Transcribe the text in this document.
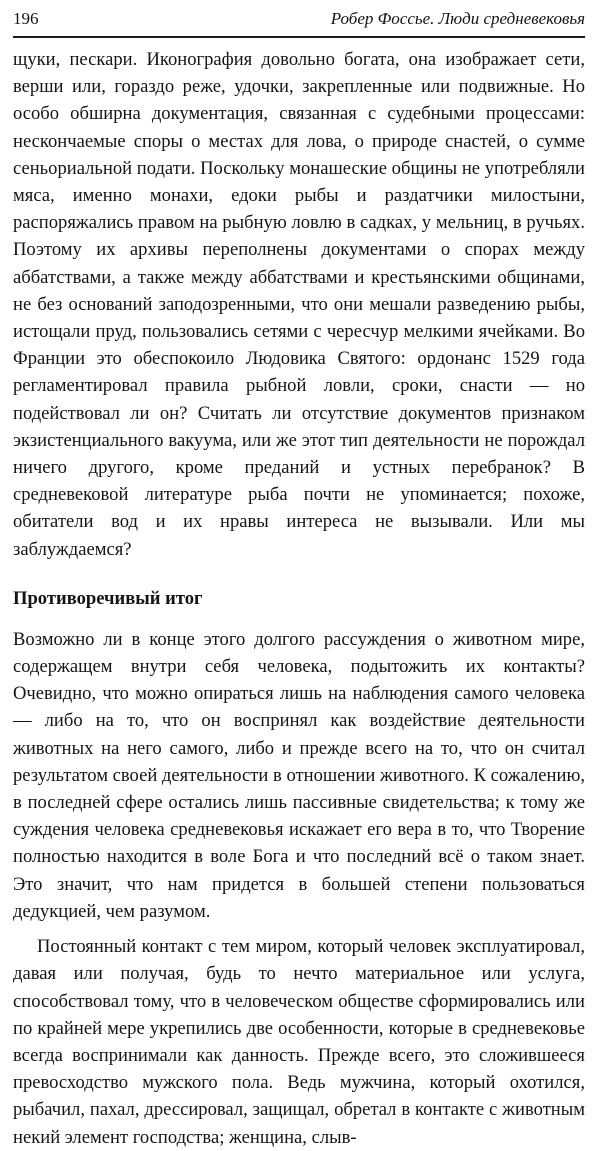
196	Робер Фоссье. Люди средневековья

щуки, пескари. Иконография довольно богата, она изображает сети, верши или, гораздо реже, удочки, закрепленные или подвижные. Но особо обширна документация, связанная с судебными процессами: нескончаемые споры о местах для лова, о природе снастей, о сумме сеньориальной подати. Поскольку монашеские общины не употребляли мяса, именно монахи, едоки рыбы и раздатчики милостыни, распоряжались правом на рыбную ловлю в садках, у мельниц, в ручьях. Поэтому их архивы переполнены документами о спорах между аббатствами, а также между аббатствами и крестьянскими общинами, не без оснований заподозренными, что они мешали разведению рыбы, истощали пруд, пользовались сетями с чересчур мелкими ячейками. Во Франции это обеспокоило Людовика Святого: ордонанс 1529 года регламентировал правила рыбной ловли, сроки, снасти — но подействовал ли он? Считать ли отсутствие документов признаком экзистенциального вакуума, или же этот тип деятельности не порождал ничего другого, кроме преданий и устных перебранок? В средневековой литературе рыба почти не упоминается; похоже, обитатели вод и их нравы интереса не вызывали. Или мы заблуждаемся?

Противоречивый итог

Возможно ли в конце этого долгого рассуждения о животном мире, содержащем внутри себя человека, подытожить их контакты? Очевидно, что можно опираться лишь на наблюдения самого человека — либо на то, что он воспринял как воздействие деятельности животных на него самого, либо и прежде всего на то, что он считал результатом своей деятельности в отношении животного. К сожалению, в последней сфере остались лишь пассивные свидетельства; к тому же суждения человека средневековья искажает его вера в то, что Творение полностью находится в воле Бога и что последний всё о таком знает. Это значит, что нам придется в большей степени пользоваться дедукцией, чем разумом.

Постоянный контакт с тем миром, который человек эксплуатировал, давая или получая, будь то нечто материальное или услуга, способствовал тому, что в человеческом обществе сформировались или по крайней мере укрепились две особенности, которые в средневековье всегда воспринимали как данность. Прежде всего, это сложившееся превосходство мужского пола. Ведь мужчина, который охотился, рыбачил, пахал, дрессировал, защищал, обретал в контакте с животным некий элемент господства; женщина, слыв-
